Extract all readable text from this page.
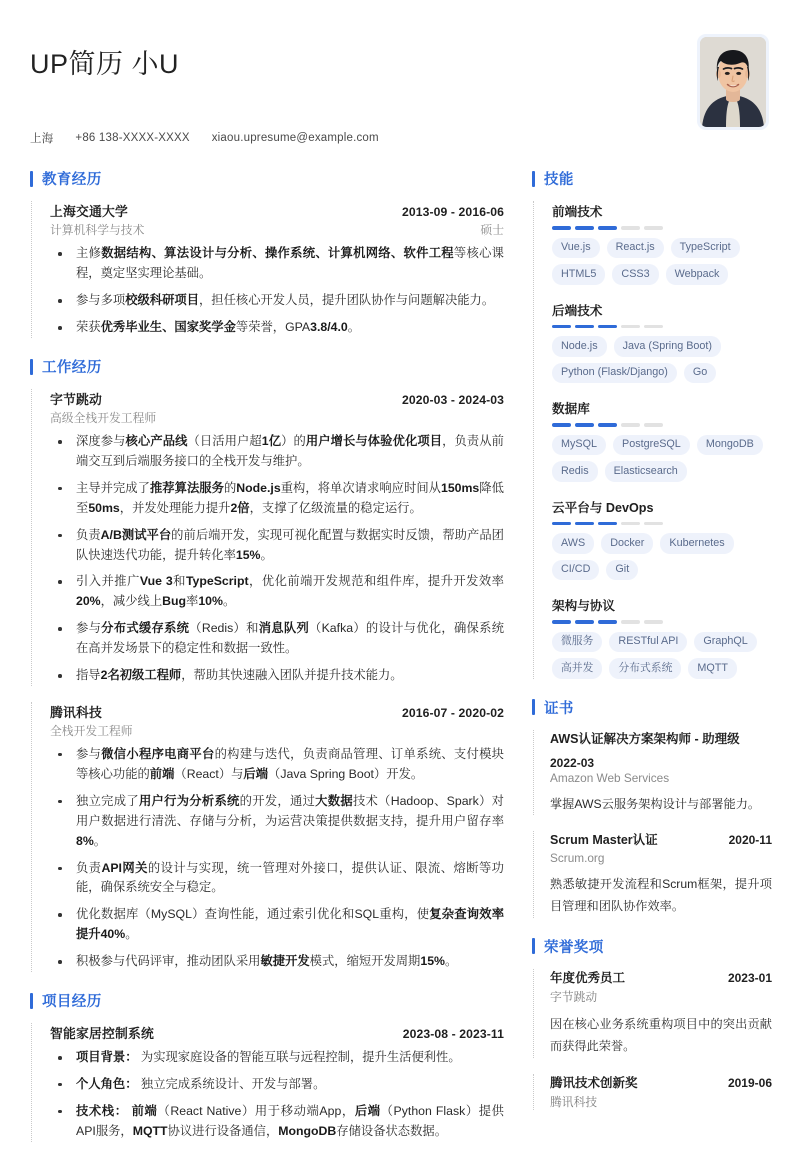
UP简历 小U
上海 +86 138-XXXX-XXXX xiaou.upresume@example.com
教育经历
上海交通大学	2013-09 - 2016-06
计算机科学与技术	硕士
主修数据结构、算法设计与分析、操作系统、计算机网络、软件工程等核心课程，奠定坚实理论基础。
参与多项校级科研项目，担任核心开发人员，提升团队协作与问题解决能力。
荣获优秀毕业生、国家奖学金等荣誉，GPA3.8/4.0。
工作经历
字节跳动	2020-03 - 2024-03
高级全栈开发工程师
深度参与核心产品线（日活用户超1亿）的用户增长与体验优化项目，负责从前端交互到后端服务接口的全栈开发与维护。
主导并完成了推荐算法服务的Node.js重构，将单次请求响应时间从150ms降低至50ms，并发处理能力提升2倍，支撑了亿级流量的稳定运行。
负责A/B测试平台的前后端开发，实现可视化配置与数据实时反馈，帮助产品团队快速迭代功能，提升转化率15%。
引入并推广Vue 3和TypeScript，优化前端开发规范和组件库，提升开发效率20%，减少线上Bug率10%。
参与分布式缓存系统（Redis）和消息队列（Kafka）的设计与优化，确保系统在高并发场景下的稳定性和数据一致性。
指导2名初级工程师，帮助其快速融入团队并提升技术能力。
腾讯科技	2016-07 - 2020-02
全栈开发工程师
参与微信小程序电商平台的构建与迭代，负责商品管理、订单系统、支付模块等核心功能的前端（React）与后端（Java Spring Boot）开发。
独立完成了用户行为分析系统的开发，通过大数据技术（Hadoop、Spark）对用户数据进行清洗、存储与分析，为运营决策提供数据支持，提升用户留存率8%。
负责API网关的设计与实现，统一管理对外接口，提供认证、限流、熔断等功能，确保系统安全与稳定。
优化数据库（MySQL）查询性能，通过索引优化和SQL重构，使复杂查询效率提升40%。
积极参与代码评审，推动团队采用敏捷开发模式，缩短开发周期15%。
项目经历
智能家居控制系统	2023-08 - 2023-11
项目背景： 为实现家庭设备的智能互联与远程控制，提升生活便利性。
个人角色： 独立完成系统设计、开发与部署。
技术栈： 前端（React Native）用于移动端App，后端（Python Flask）提供API服务，MQTT协议进行设备通信，MongoDB存储设备状态数据。
技能
前端技术
Vue.js	React.js	TypeScript
HTML5	CSS3	Webpack
后端技术
Node.js	Java (Spring Boot)
Python (Flask/Django)	Go
数据库
MySQL	PostgreSQL	MongoDB
Redis	Elasticsearch
云平台与 DevOps
AWS	Docker	Kubernetes
CI/CD	Git
架构与协议
微服务	RESTful API	GraphQL
高并发	分布式系统	MQTT
证书
AWS认证解决方案架构师 - 助理级
2022-03
Amazon Web Services
掌握AWS云服务架构设计与部署能力。
Scrum Master认证	2020-11
Scrum.org
熟悉敏捷开发流程和Scrum框架，提升项目管理和团队协作效率。
荣誉奖项
年度优秀员工	2023-01
字节跳动
因在核心业务系统重构项目中的突出贡献而获得此荣誉。
腾讯技术创新奖	2019-06
腾讯科技
